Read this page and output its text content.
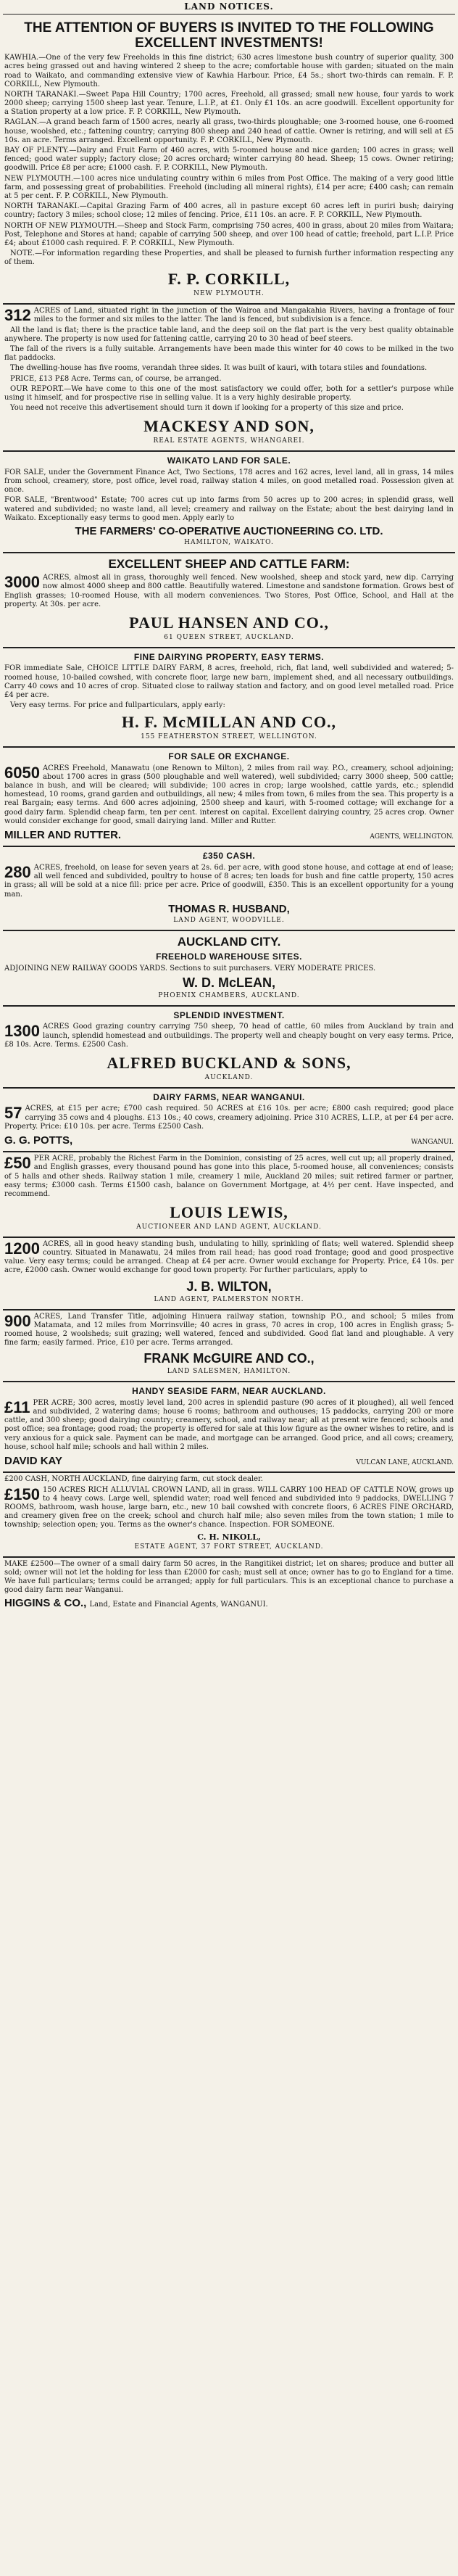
LAND NOTICES.
THE ATTENTION OF BUYERS IS INVITED TO THE FOLLOWING EXCELLENT INVESTMENTS!

KAWHIA.—One of the very few Freeholds in this fine district; 630 acres limestone bush country of superior quality, 300 acres being grassed out and having wintered 2 sheep to the acre; comfortable house with garden; situated on the main road to Waikato, and commanding extensive view of Kawhia Harbour. Price, £4 5s.; short two-thirds can remain. F. P. CORKILL, New Plymouth.

NORTH TARANAKI.—Sweet Papa Hill Country; 1700 acres, Freehold, all grassed; small new house, four yards to work 2000 sheep; carrying 1500 sheep last year. Tenure, L.I.P., at £1. Only £1 10s. an acre goodwill. Excellent opportunity for a Station property at a low price. F. P. CORKILL, New Plymouth.

RAGLAN.—A grand beach farm of 1500 acres, nearly all grass, two-thirds ploughable; one 3-roomed house, one 6-roomed house, woolshed, etc.; fattening country; carrying 800 sheep and 240 head of cattle. Owner is retiring, and will sell at £5 10s. an acre. Terms arranged. Excellent opportunity. F. P. CORKILL, New Plymouth.

BAY OF PLENTY.—Dairy and Fruit Farm of 460 acres, with 5-roomed house and nice garden; 100 acres in grass; well fenced; good water supply; factory close; 20 acres orchard; winter carrying 80 head. Sheep; 15 cows. Owner retiring; goodwill. Price £8 per acre; £1000 cash. F. P. CORKILL, New Plymouth.

NEW PLYMOUTH.—100 acres nice undulating country within 6 miles from Post Office. The making of a very good little farm, and possessing great of probabilities. Freehold (including all mineral rights), £14 per acre; £400 cash; can remain at 5 per cent. F. P. CORKILL, New Plymouth.

NORTH TARANAKI.—Capital Grazing Farm of 400 acres, all in pasture except 60 acres left in puriri bush; dairying country; factory 3 miles; school close; 12 miles of fencing. Price, £11 10s. an acre. F. P. CORKILL, New Plymouth.

NORTH OF NEW PLYMOUTH.—Sheep and Stock Farm, comprising 750 acres, 400 in grass, about 20 miles from Waitara; Post, Telephone and Stores at hand; capable of carrying 500 sheep, and over 100 head of cattle; freehold, part L.I.P. Price £4; about £1000 cash required. F. P. CORKILL, New Plymouth.

NOTE.—For information regarding these Properties, and shall be pleased to furnish further information respecting any of them.

F. P. CORKILL,
NEW PLYMOUTH.
312 ACRES of Land, situated right in the junction of the Wairoa and Mangakahia Rivers, having a frontage of four miles to the former and six miles to the latter. The land is fenced, but subdivision is a fence.

All the land is flat; there is the practice table land, and the deep soil on the flat part is the very best quality obtainable anywhere. The property is now used for fattening cattle, carrying 20 to 30 head of beef steers.

The fall of the rivers is a fully suitable. Arrangements have been made this winter for 40 cows to be milked in the two flat paddocks.

The dwelling-house has five rooms, verandah three sides. It was built of kauri, with totara stiles and foundations.

PRICE, £13 P£8 Acre. Terms can, of course, be arranged.

OUR REPORT.—We have come to this one of the most satisfactory we could offer, both for a settler's purpose while using it himself, and for prospective rise in selling value. It is a very highly desirable property.

You need not receive this advertisement should turn it down if looking for a property of this size and price.

MACKESY AND SON,
REAL ESTATE AGENTS, WHANGAREI.
WAIKATO LAND FOR SALE.

FOR SALE, under the Government Finance Act, Two Sections, 178 acres and 162 acres, level land, all in grass, 14 miles from school, creamery, store, post office, level road, railway station 4 miles, on good metalled road. Possession given at once.

FOR SALE, "Brentwood" Estate; 700 acres cut up into farms from 50 acres up to 200 acres; in splendid grass, well watered and subdivided; no waste land, all level; creamery and railway on the Estate; about the best dairying land in Waikato. Exceptionally easy terms to good men. Apply early to

THE FARMERS' CO-OPERATIVE AUCTIONEERING CO. LTD.
HAMILTON, WAIKATO.
EXCELLENT SHEEP AND CATTLE FARM:
3000 ACRES, almost all in grass, thoroughly well fenced. New woolshed, sheep and stock yard, new dip. Carrying now almost 4000 sheep and 800 cattle. Beautifully watered. Limestone and sandstone formation. Grows best of English grasses; 10-roomed House, with all modern conveniences. Two Stores, Post Office, School, and Hall at the property. At 30s. per acre.

PAUL HANSEN AND CO.,
61 QUEEN STREET, AUCKLAND.
FINE DAIRYING PROPERTY, EASY TERMS.

FOR immediate Sale, CHOICE LITTLE DAIRY FARM, 8 acres, freehold, rich, flat land, well subdivided and watered; 5-roomed house, 10-bailed cowshed, with concrete floor, large new barn, implement shed, and all necessary outbuildings. Carry 40 cows and 10 acres of crop. Situated close to railway station and factory, and on good level metalled road. Price £4 per acre.

Very easy terms. For price and fullparticulars, apply early:

H. F. McMILLAN AND CO.,
155 FEATHERSTON STREET, WELLINGTON.
FOR SALE OR EXCHANGE.
6050 ACRES Freehold, Manawatu (one Renown to Milton), 2 miles from rail way. P.O., creamery, school adjoining; about 1700 acres in grass (500 ploughable and well watered), well subdivided; carry 3000 sheep, 500 cattle; balance in bush, and will be cleared; will subdivide; 100 acres in crop; large woolshed, cattle yards, etc.; splendid homestead, 10 rooms, grand garden and outbuildings, all new; 4 miles from town, 6 miles from the sea. This property is a real Bargain; easy terms. And 600 acres adjoining, 2500 sheep and kauri, with 5-roomed cottage; will exchange for a good dairy farm. Splendid cheap farm, ten per cent. interest on capital. Excellent dairying country, 25 acres crop. Owner would consider exchange for good, small dairying land. Miller and Rutter.

MILLER AND RUTTER.	AGENTS, WELLINGTON.
£350 CASH.
280 ACRES, freehold, on lease for seven years at 2s. 6d. per acre, with good stone house, and cottage at end of lease; all well fenced and subdivided, poultry to house of 8 acres; ten loads for bush and fine cattle property, 150 acres in grass; all will be sold at a nice fill: price per acre. Price of goodwill, £350. This is an excellent opportunity for a young man.

THOMAS R. HUSBAND,
LAND AGENT, WOODVILLE.
AUCKLAND CITY.
FREEHOLD WAREHOUSE SITES.

ADJOINING NEW RAILWAY GOODS YARDS. Sections to suit purchasers. VERY MODERATE PRICES.

W. D. McLEAN,
PHOENIX CHAMBERS, AUCKLAND.
SPLENDID INVESTMENT.
1300 ACRES Good grazing country carrying 750 sheep, 70 head of cattle, 60 miles from Auckland by train and launch, splendid homestead and outbuildings. The property well and cheaply bought on very easy terms. Price, £8 10s. Acre. Terms. £2500 Cash.

ALFRED BUCKLAND & SONS,
AUCKLAND.
DAIRY FARMS, NEAR WANGANUI.
57 ACRES, at £15 per acre; £700 cash required. 50 ACRES at £16 10s. per acre; £800 cash required; good place carrying 35 cows and 4 ploughs. £13 10s.; 40 cows, creamery adjoining. Price 310 ACRES, L.I.P., at per £4 per acre. Property. Price: £10 10s. per acre. Terms £2500 Cash.

G. G. POTTS,	WANGANUI.
£50 PER ACRE, probably the Richest Farm in the Dominion, consisting of 25 acres, well cut up; all properly drained, and English grasses, every thousand pound has gone into this place, 5-roomed house, all conveniences; consists of 5 halls and other sheds. Railway station 1 mile, creamery 1 mile, Auckland 20 miles; suit retired farmer or partner, easy terms; £3000 cash. Terms £1500 cash, balance on Government Mortgage, at 4½ per cent. Have inspected, and recommend.

LOUIS LEWIS,
AUCTIONEER AND LAND AGENT, AUCKLAND.
1200 ACRES, all in good heavy standing bush, undulating to hilly, sprinkling of flats; well watered. Splendid sheep country. Situated in Manawatu, 24 miles from rail head; has good road frontage; good and good prospective value. Very easy terms; could be arranged. Cheap at £4 per acre. Owner would exchange for Property. Price, £4 10s. per acre, £2000 cash. Owner would exchange for good town property. For further particulars, apply to

J. B. WILTON,
LAND AGENT, PALMERSTON NORTH.
900 ACRES, Land Transfer Title, adjoining Hinuera railway station, township P.O., and school; 5 miles from Matamata, and 12 miles from Morrinsville; 40 acres in grass, 70 acres in crop, 100 acres in English grass; 5-roomed house, 2 woolsheds; suit grazing; well watered, fenced and subdivided. Good flat land and ploughable. A very fine farm; easily farmed. Price, £10 per acre. Terms arranged.

FRANK McGUIRE AND CO.,
LAND SALESMEN, HAMILTON.
HANDY SEASIDE FARM, NEAR AUCKLAND.
£11 PER ACRE; 300 acres, mostly level land, 200 acres in splendid pasture (90 acres of it ploughed), all well fenced and subdivided, 2 watering dams; house 6 rooms; bathroom and outhouses; 15 paddocks, carrying 200 or more cattle, and 300 sheep; good dairying country; creamery, school, and railway near; all at present wire fenced; schools and post office; sea frontage; good road; the property is offered for sale at this low figure as the owner wishes to retire, and is very anxious for a quick sale. Payment can be made, and mortgage can be arranged. Good price, and all cows; creamery, house, school half mile; schools and hall within 2 miles.

DAVID KAY	VULCAN LANE, AUCKLAND.

£200 CASH, NORTH AUCKLAND, fine dairying farm, cut stock dealer.

£150 150 ACRES RICH ALLUVIAL CROWN LAND, all in grass. WILL CARRY 100 HEAD OF CATTLE NOW, grows up to 4 heavy cows. Large well, splendid water; road well fenced and subdivided into 9 paddocks, DWELLING 7 ROOMS, bathroom, wash house, large barn, etc., new 10 bail cowshed with concrete floors, 6 ACRES FINE ORCHARD, and creamery given free on the creek; school and church half mile; also seven miles from the town station; 1 mile to township; selection open; you. Terms as the owner's chance. Inspection. FOR SOMEONE.

C. H. NIKOLL,
ESTATE AGENT, 37 FORT STREET, AUCKLAND.

MAKE £2500—The owner of a small dairy farm 50 acres, in the Rangitikei district; let on shares; produce and butter all sold; owner will not let the holding for less than £2000 for cash; must sell at once; owner has to go to England for a time. We have full particulars; terms could be arranged; apply for full particulars. This is an exceptional chance to purchase a good dairy farm near Wanganui.

HIGGINS & CO., Land, Estate and Financial Agents, WANGANUI.
